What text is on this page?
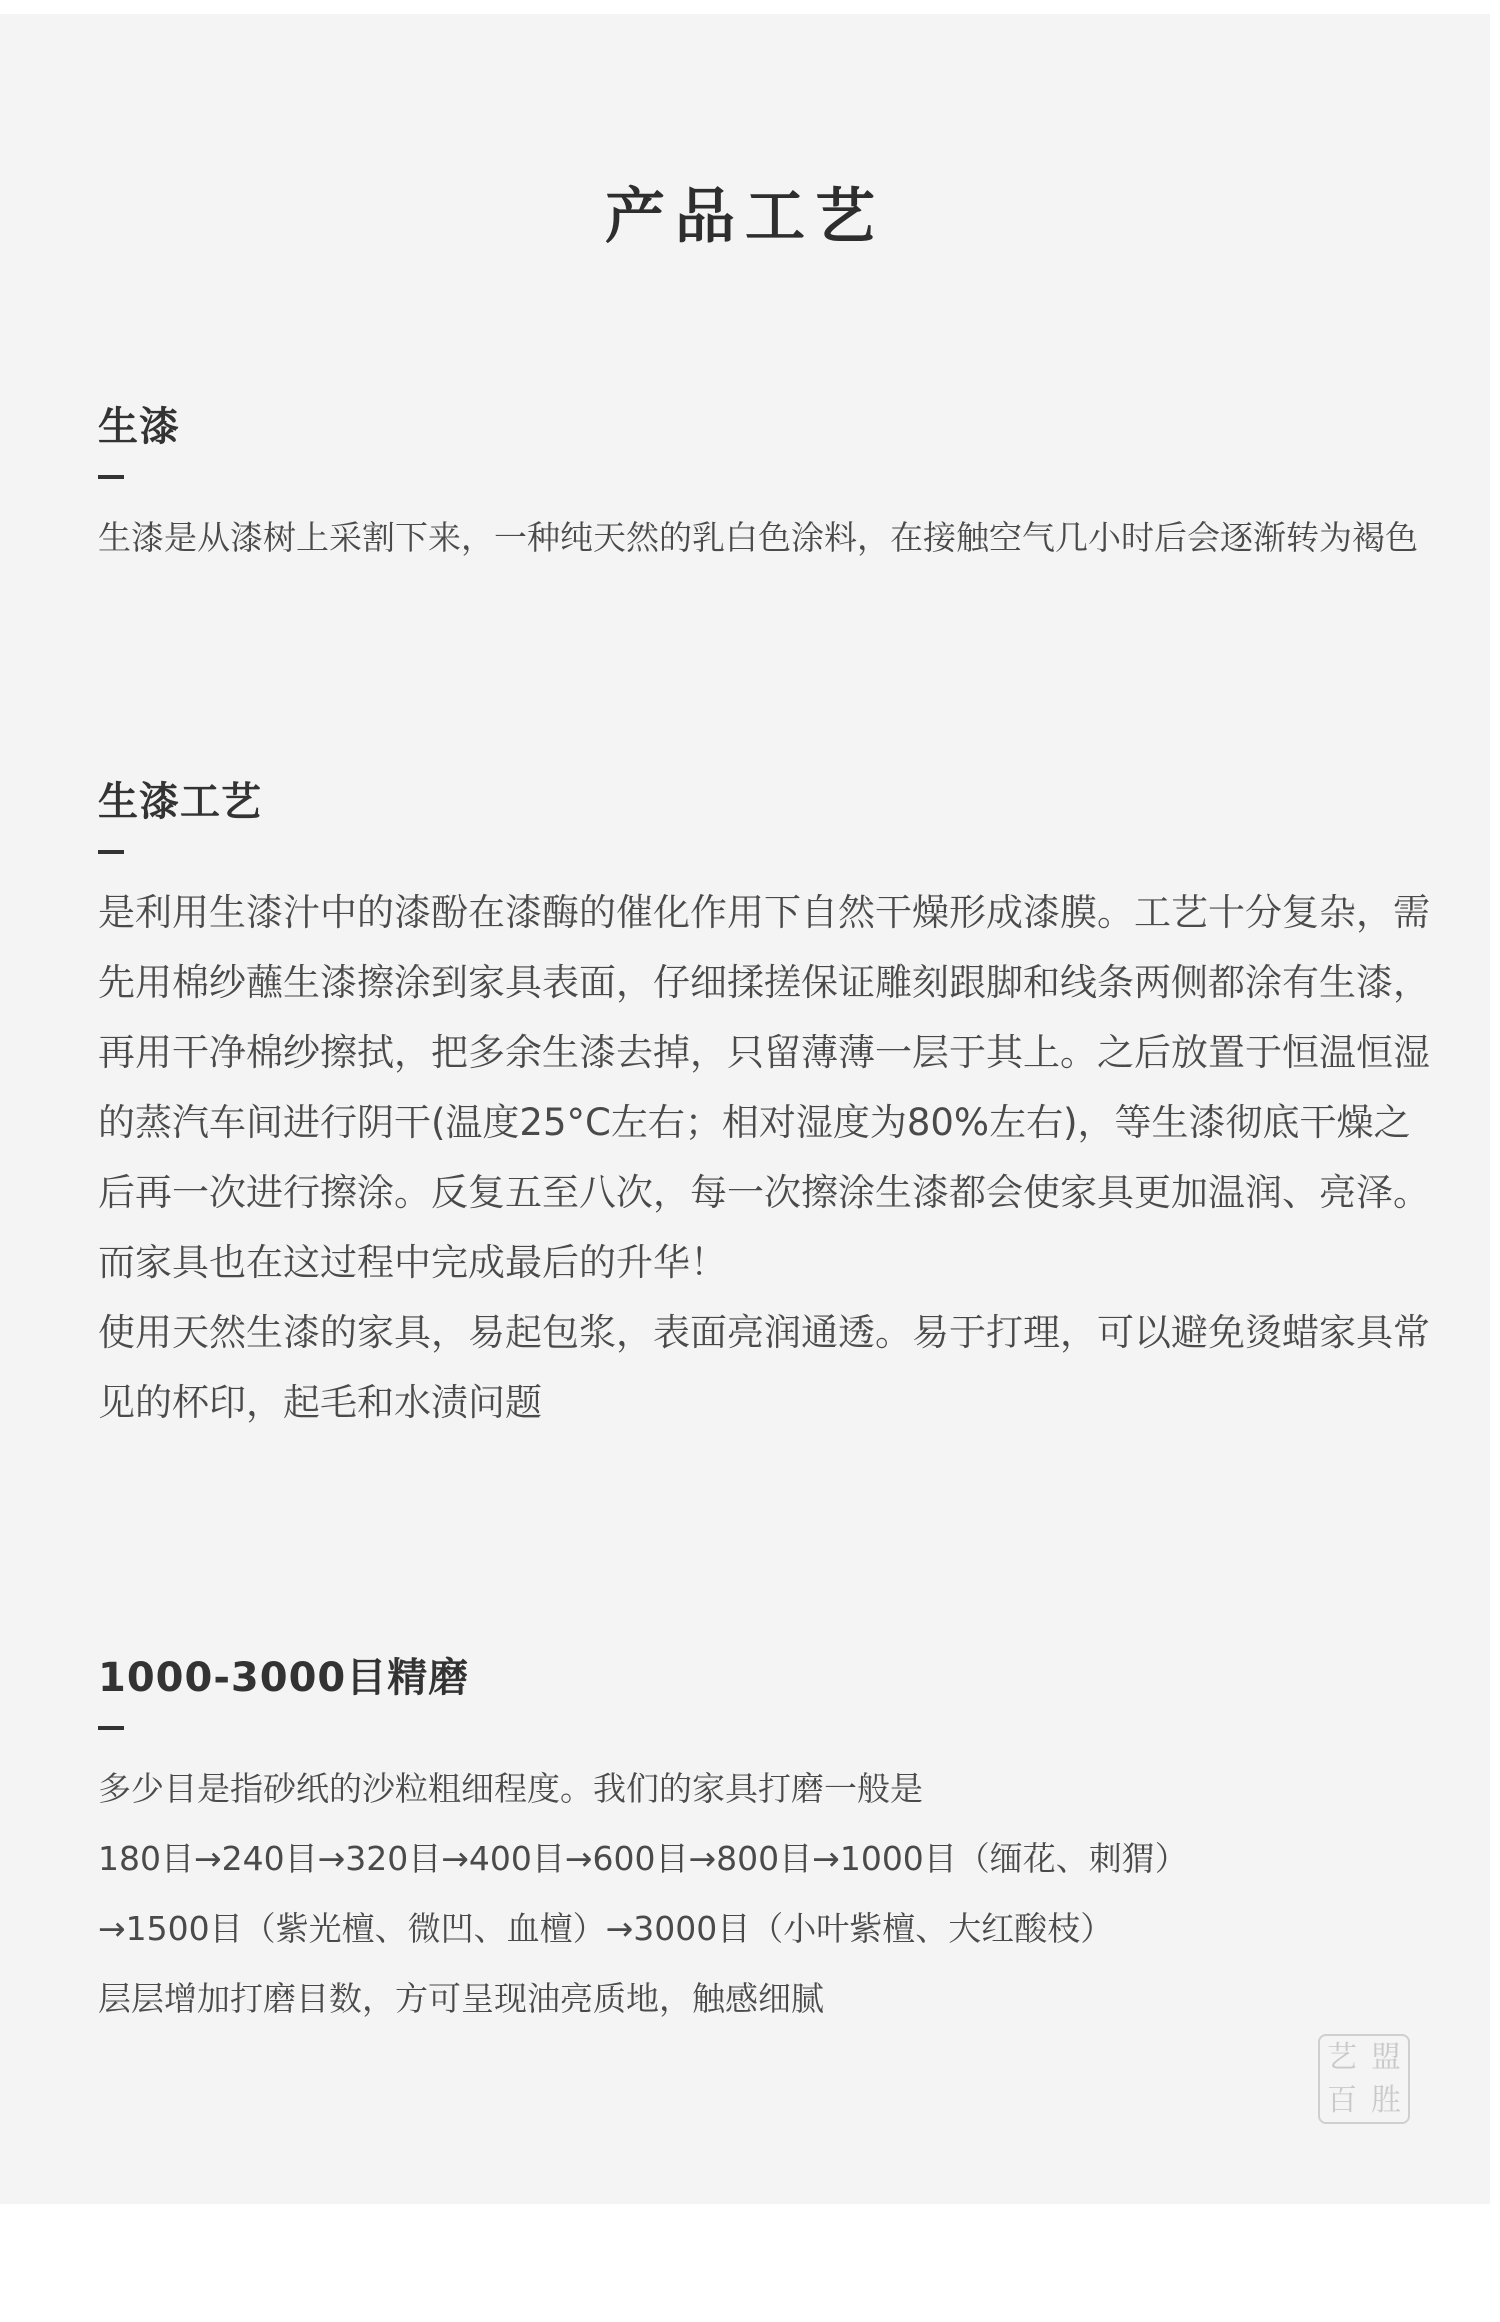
产品工艺
生漆

生漆是从漆树上采割下来，一种纯天然的乳白色涂料，在接触空气几小时后会逐渐转为褐色

生漆工艺

是利用生漆汁中的漆酚在漆酶的催化作用下自然干燥形成漆膜。工艺十分复杂，需先用棉纱蘸生漆擦涂到家具表面，仔细揉搓保证雕刻跟脚和线条两侧都涂有生漆，再用干净棉纱擦拭，把多余生漆去掉，只留薄薄一层于其上。之后放置于恒温恒湿的蒸汽车间进行阴干(温度25°C左右；相对湿度为80%左右)，等生漆彻底干燥之后再一次进行擦涂。反复五至八次，每一次擦涂生漆都会使家具更加温润、亮泽。而家具也在这过程中完成最后的升华！

使用天然生漆的家具，易起包浆，表面亮润通透。易于打理，可以避免烫蜡家具常见的杯印，起毛和水渍问题

1000-3000目精磨

多少目是指砂纸的沙粒粗细程度。我们的家具打磨一般是

180目→240目→320目→400目→600目→800目→1000目（缅花、刺猬）

→1500目（紫光檀、微凹、血檀）→3000目（小叶紫檀、大红酸枝）

层层增加打磨目数，方可呈现油亮质地，触感细腻

艺 盟
百 胜
